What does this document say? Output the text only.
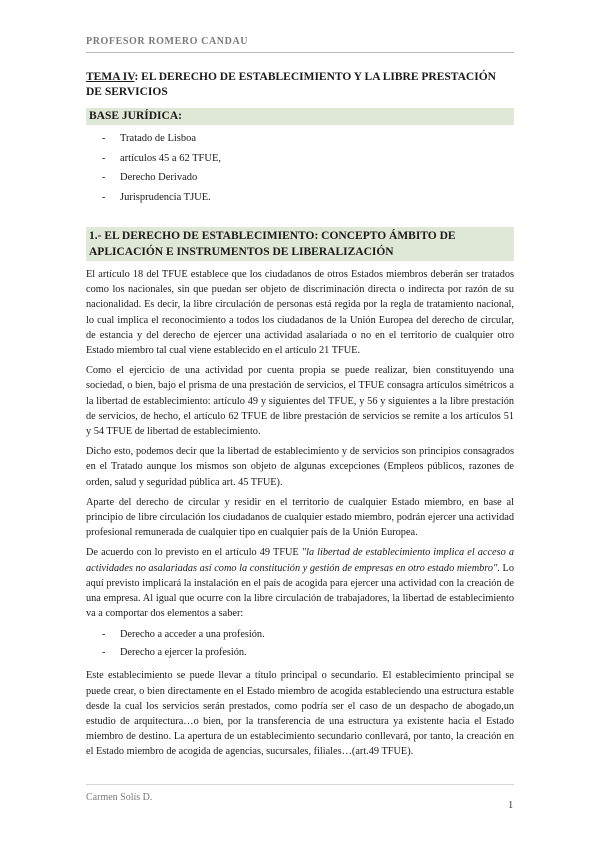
PROFESOR ROMERO CANDAU
TEMA IV: EL DERECHO DE ESTABLECIMIENTO Y LA LIBRE PRESTACIÓN DE SERVICIOS
BASE JURÍDICA:
- Tratado de Lisboa
- artículos 45 a 62 TFUE,
- Derecho Derivado
- Jurisprudencia TJUE.
1.- EL DERECHO DE ESTABLECIMIENTO: CONCEPTO ÁMBITO DE APLICACIÓN E INSTRUMENTOS DE LIBERALIZACIÓN

El artículo 18 del TFUE establece que los ciudadanos de otros Estados miembros deberán ser tratados como los nacionales, sin que puedan ser objeto de discriminación directa o indirecta por razón de su nacionalidad. Es decir, la libre circulación de personas está regida por la regla de tratamiento nacional, lo cual implica el reconocimiento a todos los ciudadanos de la Unión Europea del derecho de circular, de estancia y del derecho de ejercer una actividad asalariada o no en el territorio de cualquier otro Estado miembro tal cual viene establecido en el artículo 21 TFUE.

Como el ejercicio de una actividad por cuenta propia se puede realizar, bien constituyendo una sociedad, o bien, bajo el prisma de una prestación de servicios, el TFUE consagra artículos simétricos a la libertad de establecimiento: artículo 49 y siguientes del TFUE, y 56 y siguientes a la libre prestación de servicios, de hecho, el artículo 62 TFUE de libre prestación de servicios se remite a los artículos 51 y 54 TFUE de libertad de establecimiento.

Dicho esto, podemos decir que la libertad de establecimiento y de servicios son principios consagrados en el Tratado aunque los mismos son objeto de algunas excepciones (Empleos públicos, razones de orden, salud y seguridad pública art. 45 TFUE).

Aparte del derecho de circular y residir en el territorio de cualquier Estado miembro, en base al principio de libre circulación los ciudadanos de cualquier estado miembro, podrán ejercer una actividad profesional remunerada de cualquier tipo en cualquier país de la Unión Europea.

De acuerdo con lo previsto en el artículo 49 TFUE "la libertad de establecimiento implica el acceso a actividades no asalariadas así como la constitución y gestión de empresas en otro estado miembro". Lo aquí previsto implicará la instalación en el país de acogida para ejercer una actividad con la creación de una empresa. Al igual que ocurre con la libre circulación de trabajadores, la libertad de establecimiento va a comportar dos elementos a saber:

- Derecho a acceder a una profesión.
- Derecho a ejercer la profesión.

Este establecimiento se puede llevar a título principal o secundario. El establecimiento principal se puede crear, o bien directamente en el Estado miembro de acogida estableciendo una estructura estable desde la cual los servicios serán prestados, como podría ser el caso de un despacho de abogado,un estudio de arquitectura…o bien, por la transferencia de una estructura ya existente hacia el Estado miembro de destino. La apertura de un establecimiento secundario conllevará, por tanto, la creación en el Estado miembro de acogida de agencias, sucursales, filiales…(art.49 TFUE).

Carmen Solís D.
1
